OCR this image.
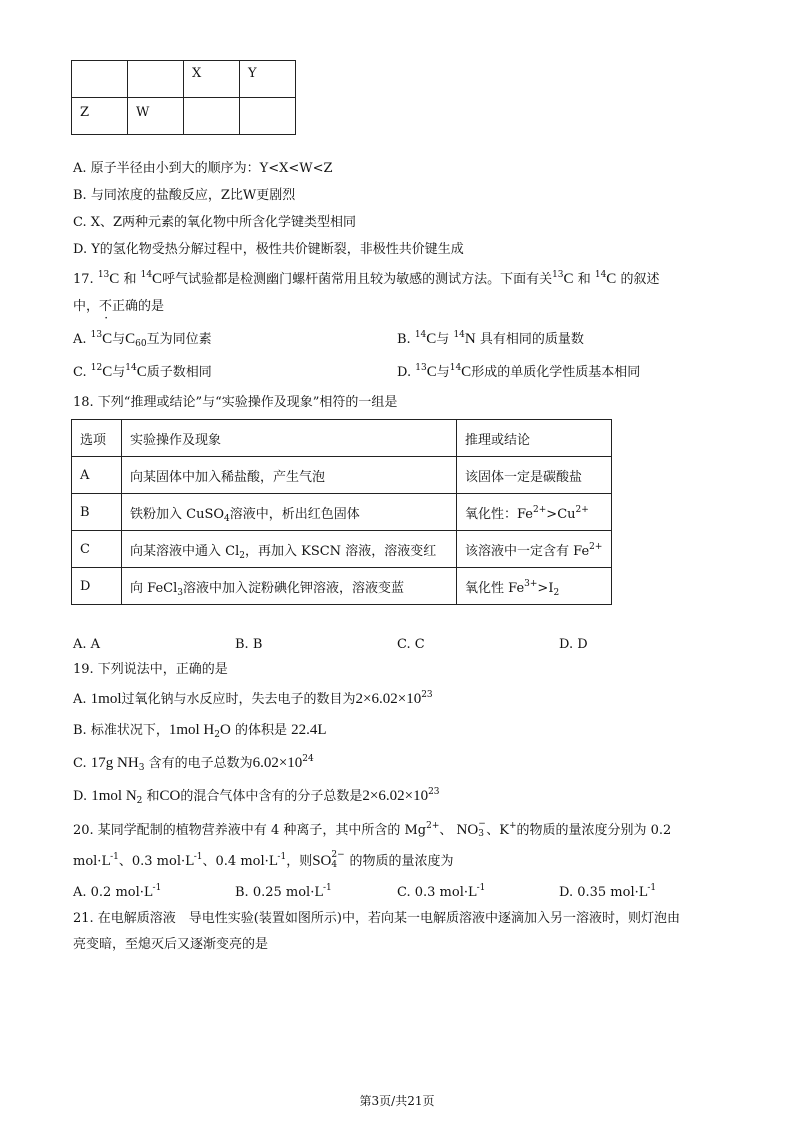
		X	Y
Z	W		
A. 原子半径由小到大的顺序为：Y<X<W<Z
B. 与同浓度的盐酸反应，Z比W更剧烈
C. X、Z两种元素的氧化物中所含化学键类型相同
D. Y的氢化物受热分解过程中，极性共价键断裂，非极性共价键生成
17. $^{13}$C 和 $^{14}$C呼气试验都是检测幽门螺杆菌常用且较为敏感的测试方法。下面有关$^{13}$C 和 $^{14}$C 的叙述
中，不正确的是
A. $^{13}$C与$C_{60}$互为同位素	B. $^{14}$C与 $^{14}$N 具有相同的质量数
C. $^{12}$C与$^{14}$C质子数相同	D. $^{13}$C与$^{14}$C形成的单质化学性质基本相同
18. 下列“推理或结论”与“实验操作及现象”相符的一组是
选项	实验操作及现象	推理或结论
A	向某固体中加入稀盐酸，产生气泡	该固体一定是碳酸盐
B	铁粉加入 CuSO$_4$溶液中，析出红色固体	氧化性：$Fe^{2+}>Cu^{2+}$
C	向某溶液中通入 $Cl_2$，再加入 KSCN 溶液，溶液变红	该溶液中一定含有 $Fe^{2+}$
D	向 FeCl$_3$溶液中加入淀粉碘化钾溶液，溶液变蓝	氧化性 $Fe^{3+}>I_2$
A. A	B. B	C. C	D. D
19. 下列说法中，正确的是
A. 1mol过氧化钠与水反应时，失去电子的数目为$2\times 6.02\times 10^{23}$
B. 标准状况下，1mol $H_2O$ 的体积是 22.4L
C. 17g $NH_3$ 含有的电子总数为$6.02\times 10^{24}$
D. 1mol $N_2$ 和CO的混合气体中含有的分子总数是$2\times 6.02\times 10^{23}$
20. 某同学配制的植物营养液中有 4 种离子，其中所含的 $Mg^{2+}$、 NO −
3 、K+的物质的量浓度分别为 0.2
$mol\cdot L^{-1}$、0.3 $mol\cdot L^{-1}$、0.4 $mol\cdot L^{-1}$，则SO 2−
4 的物质的量浓度为
A. 0.2 $mol\cdot L^{-1}$	B. 0.25 $mol\cdot L^{-1}$	C. 0.3 $mol\cdot L^{-1}$	D. 0.35 $mol\cdot L^{-1}$
21. 在电解质溶液　导电性实验(装置如图所示)中，若向某一电解质溶液中逐滴加入另一溶液时，则灯泡由
亮变暗，至熄灭后又逐渐变亮的是
第3页/共21页
